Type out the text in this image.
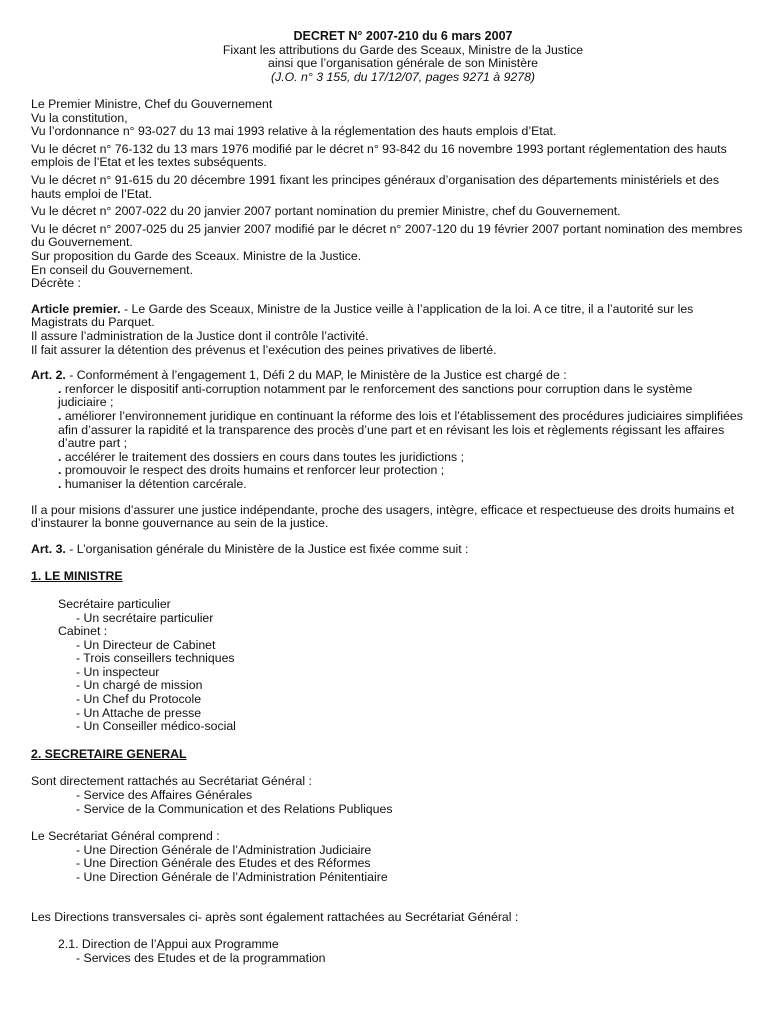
DECRET N° 2007-210 du 6 mars 2007
Fixant les attributions du Garde des Sceaux, Ministre de la Justice
ainsi que l’organisation générale de son Ministère
(J.O. n° 3 155, du 17/12/07, pages 9271 à 9278)

Le Premier Ministre, Chef du Gouvernement

Vu la constitution,

Vu l’ordonnance n° 93-027 du 13 mai 1993 relative à la réglementation des hauts emplois d’Etat.

Vu le décret n° 76-132 du 13 mars 1976 modifié par le décret n° 93-842 du 16 novembre 1993 portant réglementation des hauts emplois de l’Etat et les textes subséquents.

Vu le décret n° 91-615 du 20 décembre 1991 fixant les principes généraux d’organisation des départements ministériels et des hauts emploi de l’Etat.

Vu le décret n° 2007-022 du 20 janvier 2007 portant nomination du premier Ministre, chef du Gouvernement.

Vu le décret n° 2007-025 du 25 janvier 2007 modifié par le décret n° 2007-120 du 19 février 2007 portant nomination des membres du Gouvernement.

Sur proposition du Garde des Sceaux. Ministre de la Justice.

En conseil du Gouvernement.

Décrète :

Article premier. - Le Garde des Sceaux, Ministre de la Justice veille à l’application de la loi. A ce titre, il a l’autorité sur les Magistrats du Parquet.

Il assure l’administration de la Justice dont il contrôle l’activité.

Il fait assurer la détention des prévenus et l’exécution des peines privatives de liberté.

Art. 2. - Conformément à l’engagement 1, Défi 2 du MAP, le Ministère de la Justice est chargé de :

. renforcer le dispositif anti-corruption notamment par le renforcement des sanctions pour corruption dans le système judiciaire ;

. améliorer l’environnement juridique en continuant la réforme des lois et l’établissement des procédures judiciaires simplifiées afin d’assurer la rapidité et la transparence des procès d’une part et en révisant les lois et règlements régissant les affaires d’autre part ;

. accélérer le traitement des dossiers en cours dans toutes les juridictions ;

. promouvoir le respect des droits humains et renforcer leur protection ;

. humaniser la détention carcérale.

Il a pour misions d’assurer une justice indépendante, proche des usagers, intègre, efficace et respectueuse des droits humains et d’instaurer la bonne gouvernance au sein de la justice.

Art. 3. - L’organisation générale du Ministère de la Justice est fixée comme suit :

1. LE MINISTRE

Secrétaire particulier

- Un secrétaire particulier

Cabinet :

- Un Directeur de Cabinet

- Trois conseillers techniques

- Un inspecteur

- Un chargé de mission

- Un Chef du Protocole

- Un Attache de presse

- Un Conseiller médico-social

2. SECRETAIRE GENERAL

Sont directement rattachés au Secrétariat Général :

- Service des Affaires Générales

- Service de la Communication et des Relations Publiques

Le Secrétariat Général comprend :

- Une Direction Générale de l’Administration Judiciaire

- Une Direction Générale des Etudes et des Réformes

- Une Direction Générale de l’Administration Pénitentiaire

Les Directions transversales ci- après sont également rattachées au Secrétariat Général :

2.1. Direction de l’Appui aux Programme

- Services des Etudes et de la programmation
